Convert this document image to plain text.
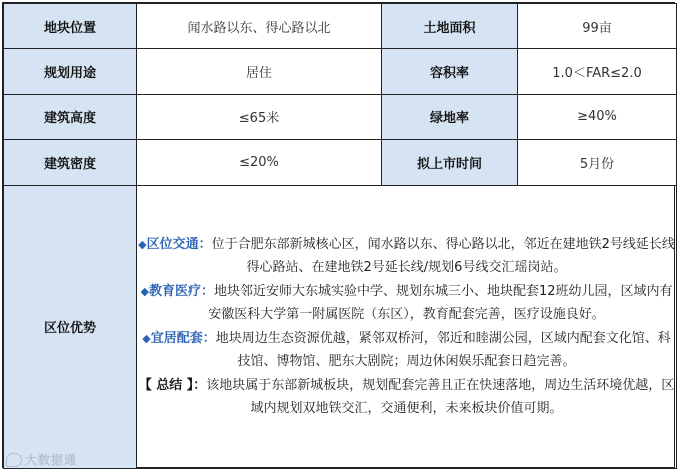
地块位置	闻水路以东、得心路以北	土地面积	99亩
规划用途	居住	容积率	1.0＜FAR≤2.0
建筑高度	≤65米	绿地率	≥40%
建筑密度	≤20%	拟上市时间	5月份
区位优势	◆区位交通：位于合肥东部新城核心区，闻水路以东、得心路以北，邻近在建地铁2号线延长线得心路站、在建地铁2号延长线/规划6号线交汇瑶岗站。

◆教育医疗：地块邻近安师大东城实验中学、规划东城三小、地块配套12班幼儿园，区域内有安徽医科大学第一附属医院（东区），教育配套完善，医疗设施良好。

◆宜居配套：地块周边生态资源优越，紧邻双桥河，邻近和睦湖公园，区域内配套文化馆、科技馆、博物馆、肥东大剧院；周边休闲娱乐配套日趋完善。

【 总结 】：该地块属于东部新城板块，规划配套完善且正在快速落地，周边生活环境优越，区域内规划双地铁交汇，交通便利，未来板块价值可期。		

大数据通
